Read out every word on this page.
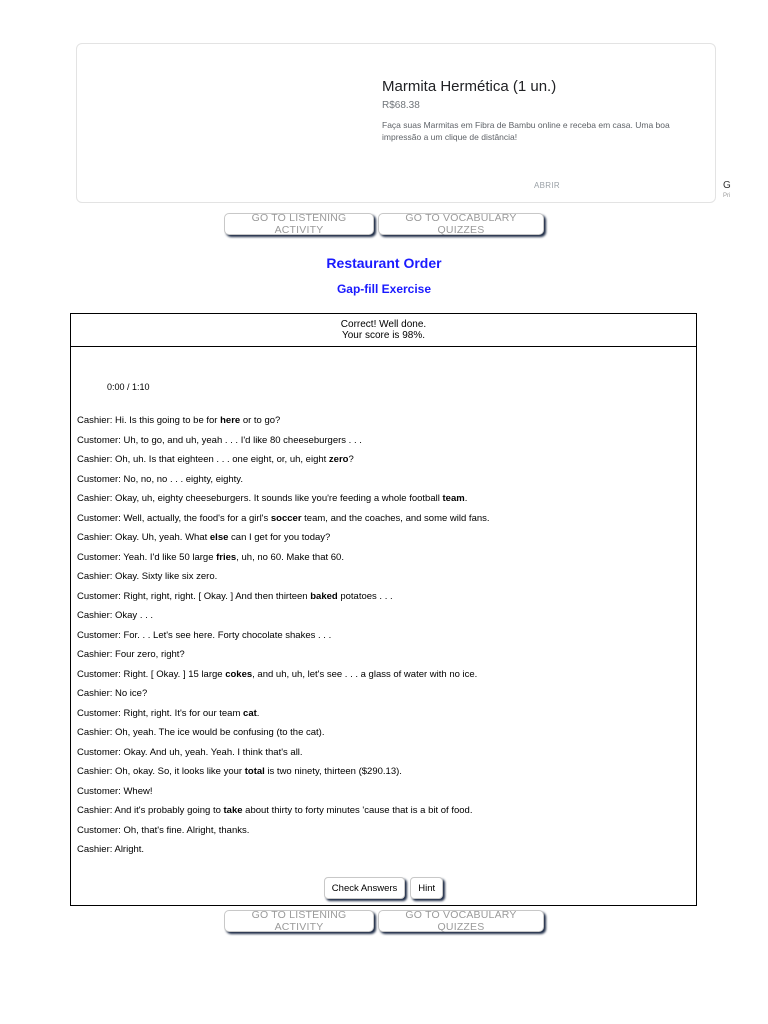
Marmita Hermética (1 un.)
R$68.38
Faça suas Marmitas em Fibra de Bambu online e receba em casa. Uma boa impressão a um clique de distância!
ABRIR	G
Pri
GO TO LISTENING ACTIVITY
GO TO VOCABULARY QUIZZES
Restaurant Order
Gap-fill Exercise
Correct! Well done.
Your score is 98%.
0:00 / 1:10
Cashier: Hi. Is this going to be for here or to go?
Customer: Uh, to go, and uh, yeah . . . I'd like 80 cheeseburgers . . .
Cashier: Oh, uh. Is that eighteen . . . one eight, or, uh, eight zero?
Customer: No, no, no . . . eighty, eighty.
Cashier: Okay, uh, eighty cheeseburgers. It sounds like you're feeding a whole football team.
Customer: Well, actually, the food's for a girl's soccer team, and the coaches, and some wild fans.
Cashier: Okay. Uh, yeah. What else can I get for you today?
Customer: Yeah. I'd like 50 large fries, uh, no 60. Make that 60.
Cashier: Okay. Sixty like six zero.
Customer: Right, right, right. [ Okay. ] And then thirteen baked potatoes . . .
Cashier: Okay . . .
Customer: For. . . Let's see here. Forty chocolate shakes . . .
Cashier: Four zero, right?
Customer: Right. [ Okay. ] 15 large cokes, and uh, uh, let's see . . . a glass of water with no ice.
Cashier: No ice?
Customer: Right, right. It's for our team cat.
Cashier: Oh, yeah. The ice would be confusing (to the cat).
Customer: Okay. And uh, yeah. Yeah. I think that's all.
Cashier: Oh, okay. So, it looks like your total is two ninety, thirteen ($290.13).
Customer: Whew!
Cashier: And it's probably going to take about thirty to forty minutes 'cause that is a bit of food.
Customer: Oh, that's fine. Alright, thanks.
Cashier: Alright.
Check Answers	Hint
GO TO LISTENING ACTIVITY
GO TO VOCABULARY QUIZZES
